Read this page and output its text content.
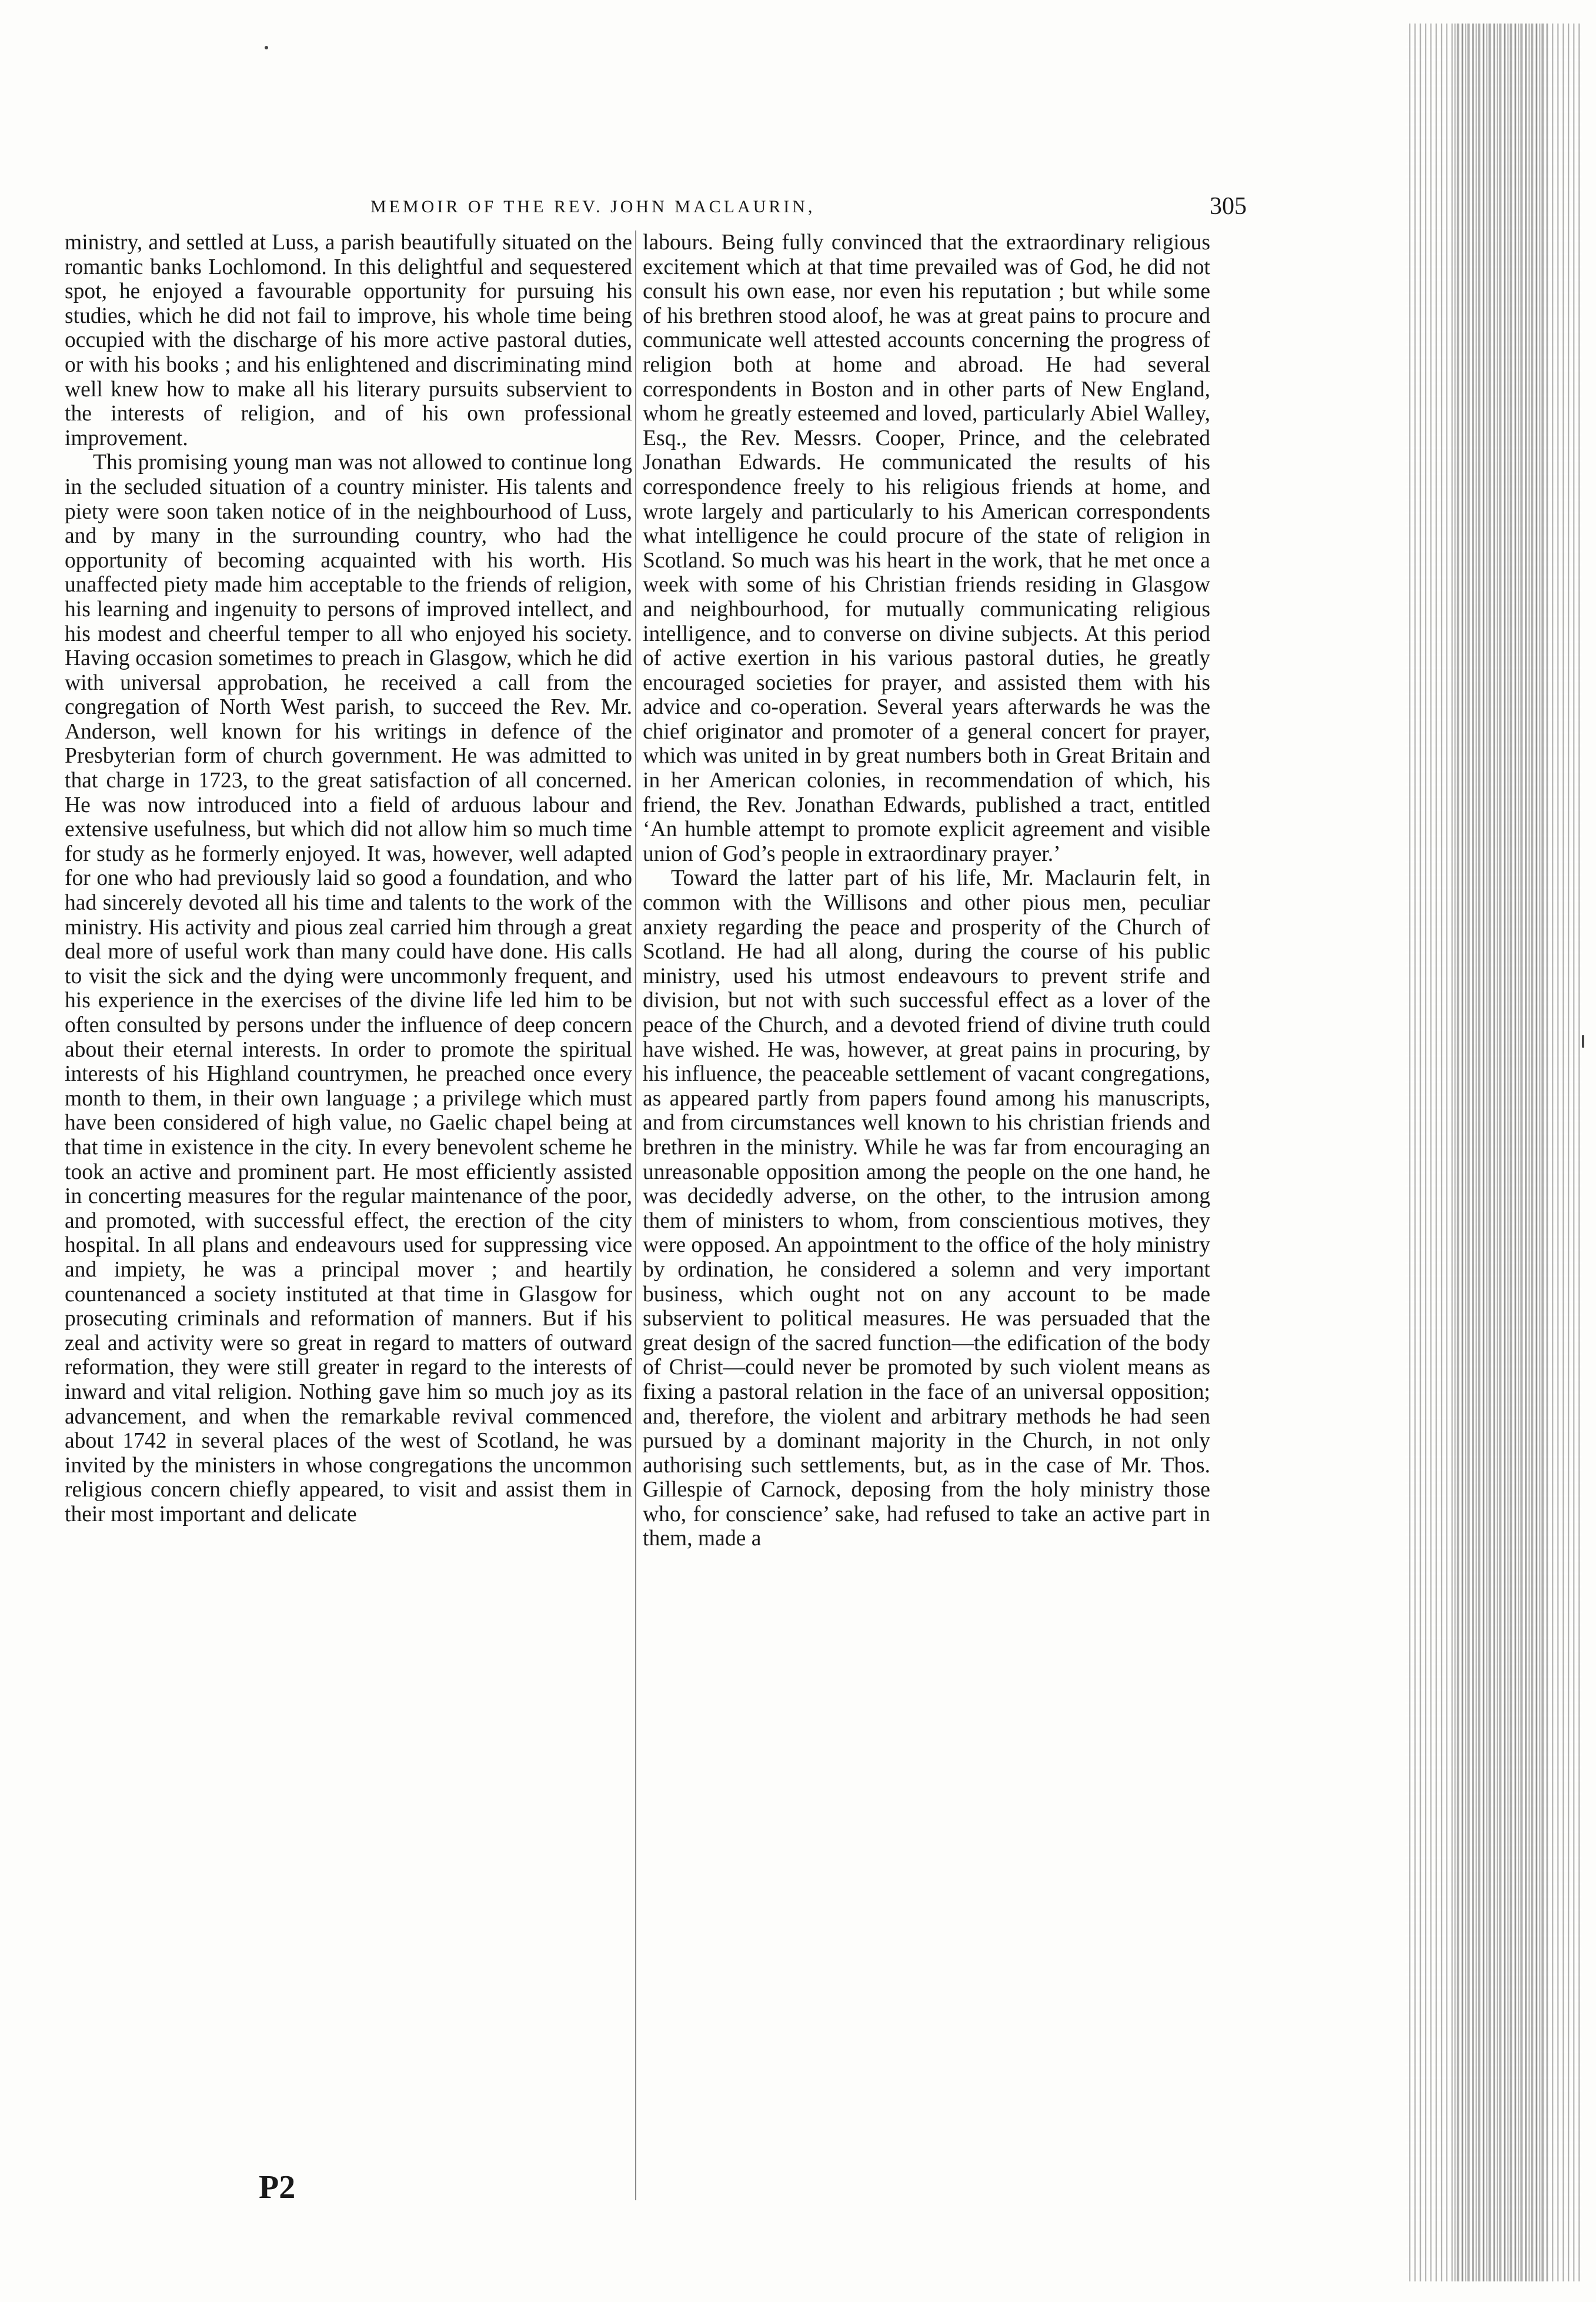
MEMOIR OF THE REV. JOHN MACLAURIN,	305

ministry, and settled at Luss, a parish beautifully situated on the romantic banks Lochlomond. In this delightful and sequestered spot, he enjoyed a favourable opportunity for pursuing his studies, which he did not fail to improve, his whole time being occupied with the discharge of his more active pastoral duties, or with his books ; and his enlightened and discriminating mind well knew how to make all his literary pursuits subservient to the interests of religion, and of his own professional improvement.

This promising young man was not allowed to continue long in the secluded situation of a country minister. His talents and piety were soon taken notice of in the neighbourhood of Luss, and by many in the surrounding country, who had the opportunity of becoming acquainted with his worth. His unaffected piety made him acceptable to the friends of religion, his learning and ingenuity to persons of improved intellect, and his modest and cheerful temper to all who enjoyed his society. Having occasion sometimes to preach in Glasgow, which he did with universal approbation, he received a call from the congregation of North West parish, to succeed the Rev. Mr. Anderson, well known for his writings in defence of the Presbyterian form of church government. He was admitted to that charge in 1723, to the great satisfaction of all concerned. He was now introduced into a field of arduous labour and extensive usefulness, but which did not allow him so much time for study as he formerly enjoyed. It was, however, well adapted for one who had previously laid so good a foundation, and who had sincerely devoted all his time and talents to the work of the ministry. His activity and pious zeal carried him through a great deal more of useful work than many could have done. His calls to visit the sick and the dying were uncommonly frequent, and his experience in the exercises of the divine life led him to be often consulted by persons under the influence of deep concern about their eternal interests. In order to promote the spiritual interests of his Highland countrymen, he preached once every month to them, in their own language ; a privilege which must have been considered of high value, no Gaelic chapel being at that time in existence in the city. In every benevolent scheme he took an active and prominent part. He most efficiently assisted in concerting measures for the regular maintenance of the poor, and promoted, with successful effect, the erection of the city hospital. In all plans and endeavours used for suppressing vice and impiety, he was a principal mover ; and heartily countenanced a society instituted at that time in Glasgow for prosecuting criminals and reformation of manners. But if his zeal and activity were so great in regard to matters of outward reformation, they were still greater in regard to the interests of inward and vital religion. Nothing gave him so much joy as its advancement, and when the remarkable revival commenced about 1742 in several places of the west of Scotland, he was invited by the ministers in whose congregations the uncommon religious concern chiefly appeared, to visit and assist them in their most important and delicate

labours. Being fully convinced that the extraordinary religious excitement which at that time prevailed was of God, he did not consult his own ease, nor even his reputation ; but while some of his brethren stood aloof, he was at great pains to procure and communicate well attested accounts concerning the progress of religion both at home and abroad. He had several correspondents in Boston and in other parts of New England, whom he greatly esteemed and loved, particularly Abiel Walley, Esq., the Rev. Messrs. Cooper, Prince, and the celebrated Jonathan Edwards. He communicated the results of his correspondence freely to his religious friends at home, and wrote largely and particularly to his American correspondents what intelligence he could procure of the state of religion in Scotland. So much was his heart in the work, that he met once a week with some of his Christian friends residing in Glasgow and neighbourhood, for mutually communicating religious intelligence, and to converse on divine subjects. At this period of active exertion in his various pastoral duties, he greatly encouraged societies for prayer, and assisted them with his advice and co-operation. Several years afterwards he was the chief originator and promoter of a general concert for prayer, which was united in by great numbers both in Great Britain and in her American colonies, in recommendation of which, his friend, the Rev. Jonathan Edwards, published a tract, entitled ‘An humble attempt to promote explicit agreement and visible union of God’s people in extraordinary prayer.’

Toward the latter part of his life, Mr. Maclaurin felt, in common with the Willisons and other pious men, peculiar anxiety regarding the peace and prosperity of the Church of Scotland. He had all along, during the course of his public ministry, used his utmost endeavours to prevent strife and division, but not with such successful effect as a lover of the peace of the Church, and a devoted friend of divine truth could have wished. He was, however, at great pains in procuring, by his influence, the peaceable settlement of vacant congregations, as appeared partly from papers found among his manuscripts, and from circumstances well known to his christian friends and brethren in the ministry. While he was far from encouraging an unreasonable opposition among the people on the one hand, he was decidedly adverse, on the other, to the intrusion among them of ministers to whom, from conscientious motives, they were opposed. An appointment to the office of the holy ministry by ordination, he considered a solemn and very important business, which ought not on any account to be made subservient to political measures. He was persuaded that the great design of the sacred function—the edification of the body of Christ—could never be promoted by such violent means as fixing a pastoral relation in the face of an universal opposition; and, therefore, the violent and arbitrary methods he had seen pursued by a dominant majority in the Church, in not only authorising such settlements, but, as in the case of Mr. Thos. Gillespie of Carnock, deposing from the holy ministry those who, for conscience’ sake, had refused to take an active part in them, made a

P2
